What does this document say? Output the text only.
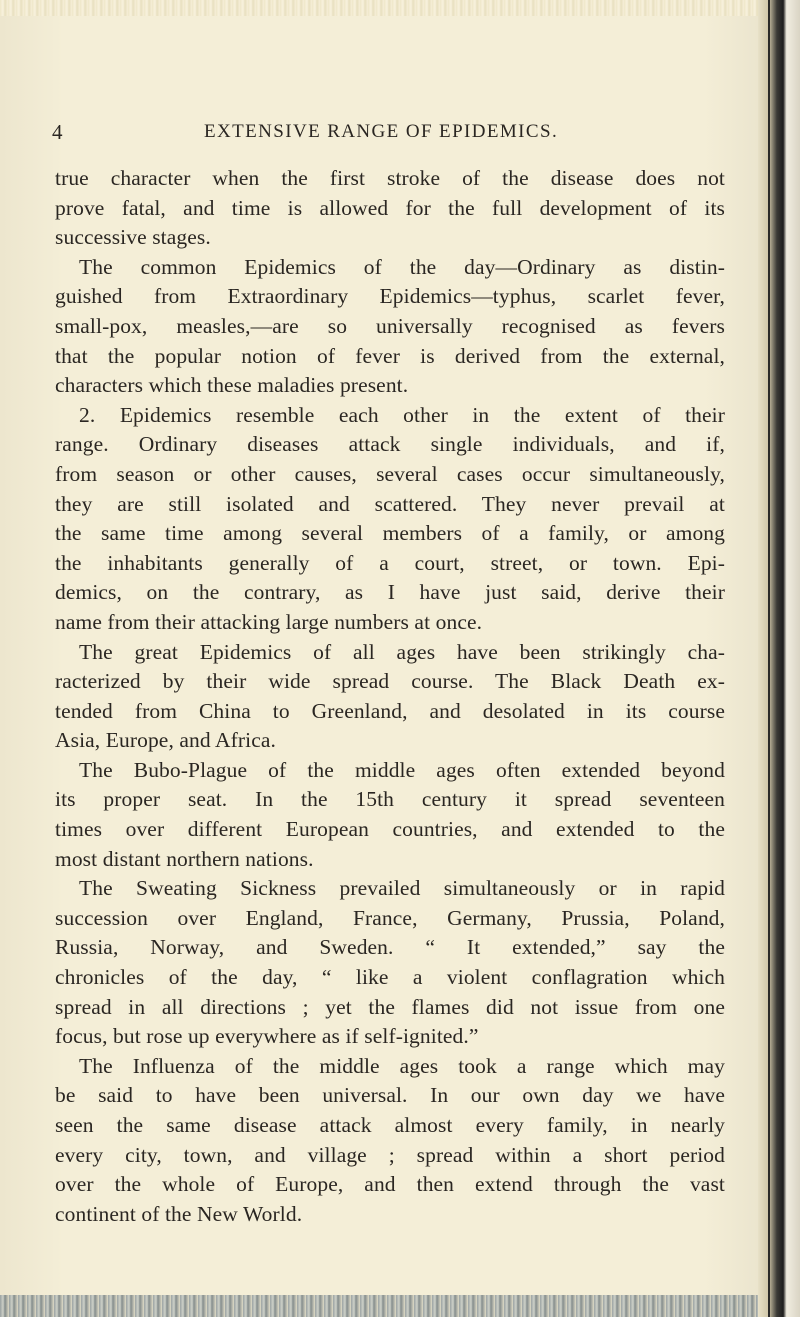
4	EXTENSIVE RANGE OF EPIDEMICS.
true character when the first stroke of the disease does not
prove fatal, and time is allowed for the full development of its
successive stages.
The common Epidemics of the day—Ordinary as distin-
guished from Extraordinary Epidemics—typhus, scarlet fever,
small-pox, measles,—are so universally recognised as fevers
that the popular notion of fever is derived from the external,
characters which these maladies present.
2. Epidemics resemble each other in the extent of their
range. Ordinary diseases attack single individuals, and if,
from season or other causes, several cases occur simultaneously,
they are still isolated and scattered. They never prevail at
the same time among several members of a family, or among
the inhabitants generally of a court, street, or town. Epi-
demics, on the contrary, as I have just said, derive their
name from their attacking large numbers at once.
The great Epidemics of all ages have been strikingly cha-
racterized by their wide spread course. The Black Death ex-
tended from China to Greenland, and desolated in its course
Asia, Europe, and Africa.
The Bubo-Plague of the middle ages often extended beyond
its proper seat. In the 15th century it spread seventeen
times over different European countries, and extended to the
most distant northern nations.
The Sweating Sickness prevailed simultaneously or in rapid
succession over England, France, Germany, Prussia, Poland,
Russia, Norway, and Sweden. “ It extended,” say the
chronicles of the day, “ like a violent conflagration which
spread in all directions ; yet the flames did not issue from one
focus, but rose up everywhere as if self-ignited.”
The Influenza of the middle ages took a range which may
be said to have been universal. In our own day we have
seen the same disease attack almost every family, in nearly
every city, town, and village ; spread within a short period
over the whole of Europe, and then extend through the vast
continent of the New World.
